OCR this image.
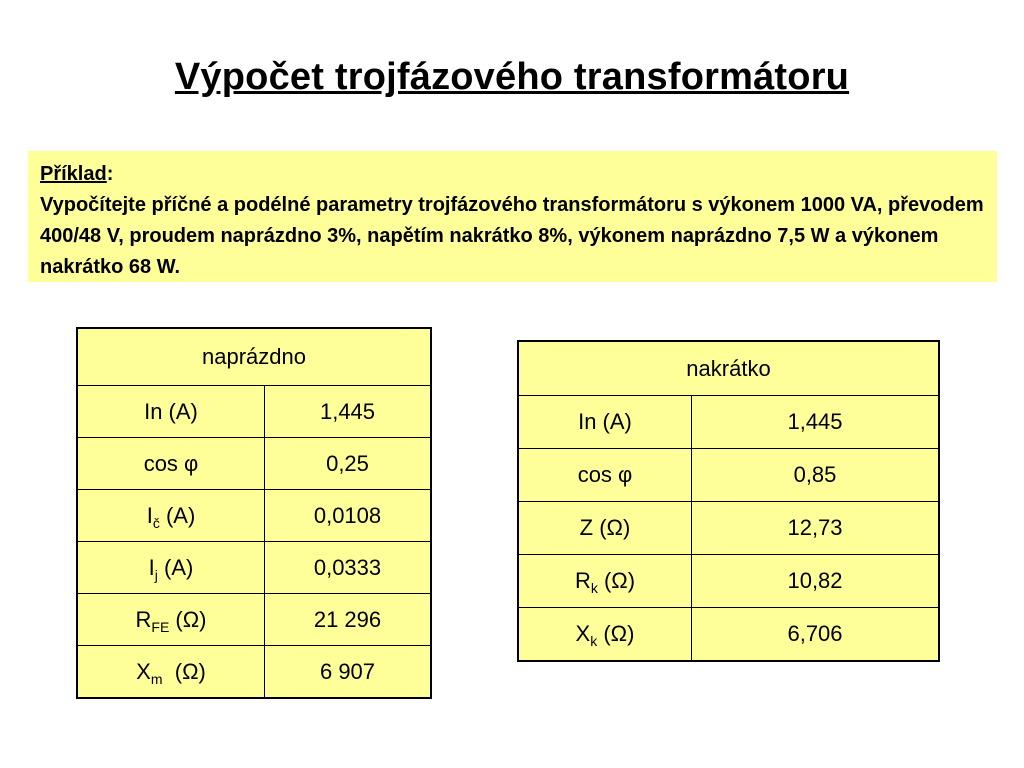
Výpočet trojfázového transformátoru
Příklad:
Vypočítejte příčné a podélné parametry trojfázového transformátoru s výkonem 1000 VA, převodem 400/48 V, proudem naprázdno 3%, napětím nakrátko 8%, výkonem naprázdno 7,5 W a výkonem nakrátko 68 W.
naprázdno	
In (A)	1,445
cos φ	0,25
$I_č$ (A)	0,0108
$I_j$ (A)	0,0333
$R_{FE}$ (Ω)	21 296
$X_m$  (Ω)	6 907
nakrátko	
In (A)	1,445
cos φ	0,85
Z (Ω)	12,73
$R_k$ (Ω)	10,82
$X_k$ (Ω)	6,706
